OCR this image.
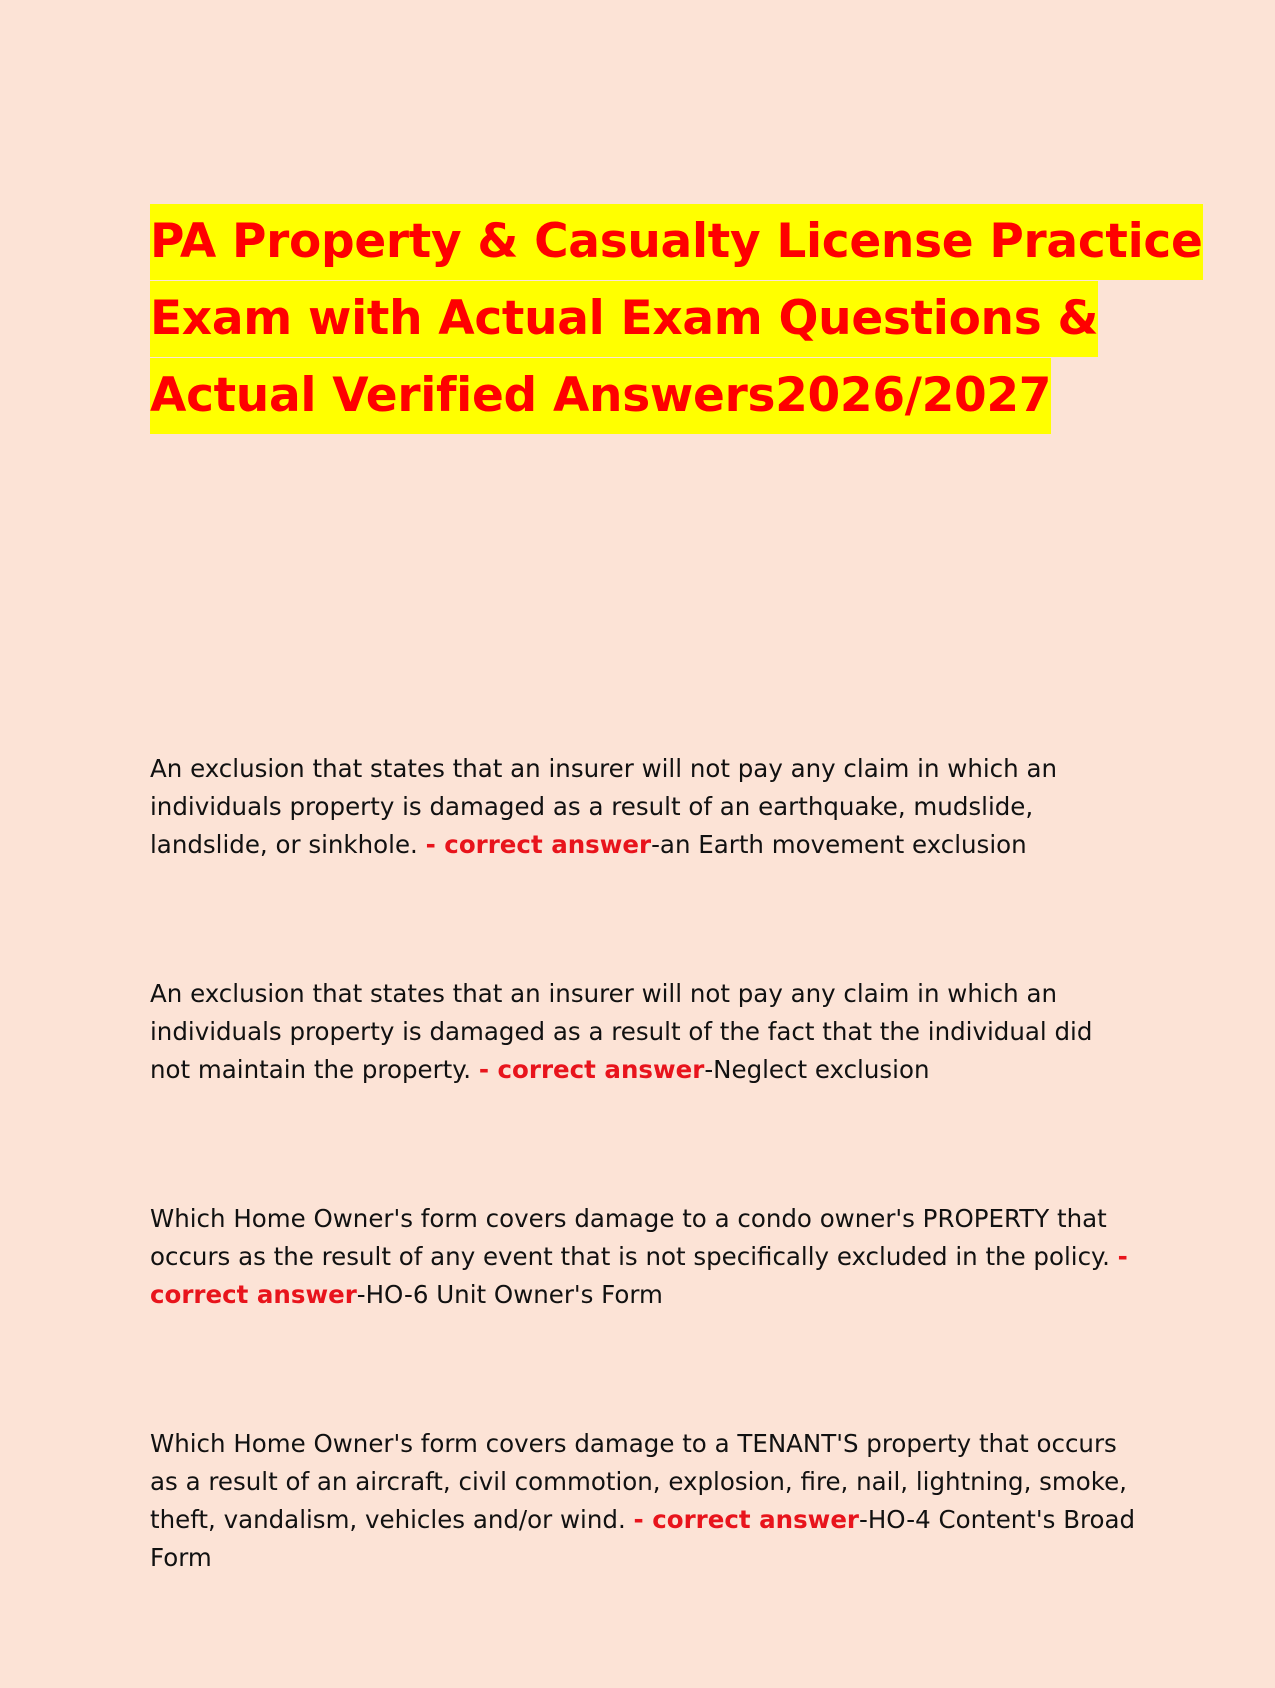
PA Property & Casualty License Practice
Exam with Actual Exam Questions &
Actual Verified Answers2026/2027

An exclusion that states that an insurer will not pay any claim in which an individuals property is damaged as a result of an earthquake, mudslide, landslide, or sinkhole. - correct answer-an Earth movement exclusion

An exclusion that states that an insurer will not pay any claim in which an individuals property is damaged as a result of the fact that the individual did not maintain the property. - correct answer-Neglect exclusion

Which Home Owner's form covers damage to a condo owner's PROPERTY that occurs as the result of any event that is not specifically excluded in the policy. - correct answer-HO-6 Unit Owner's Form

Which Home Owner's form covers damage to a TENANT'S property that occurs as a result of an aircraft, civil commotion, explosion, fire, nail, lightning, smoke, theft, vandalism, vehicles and/or wind. - correct answer-HO-4 Content's Broad Form
